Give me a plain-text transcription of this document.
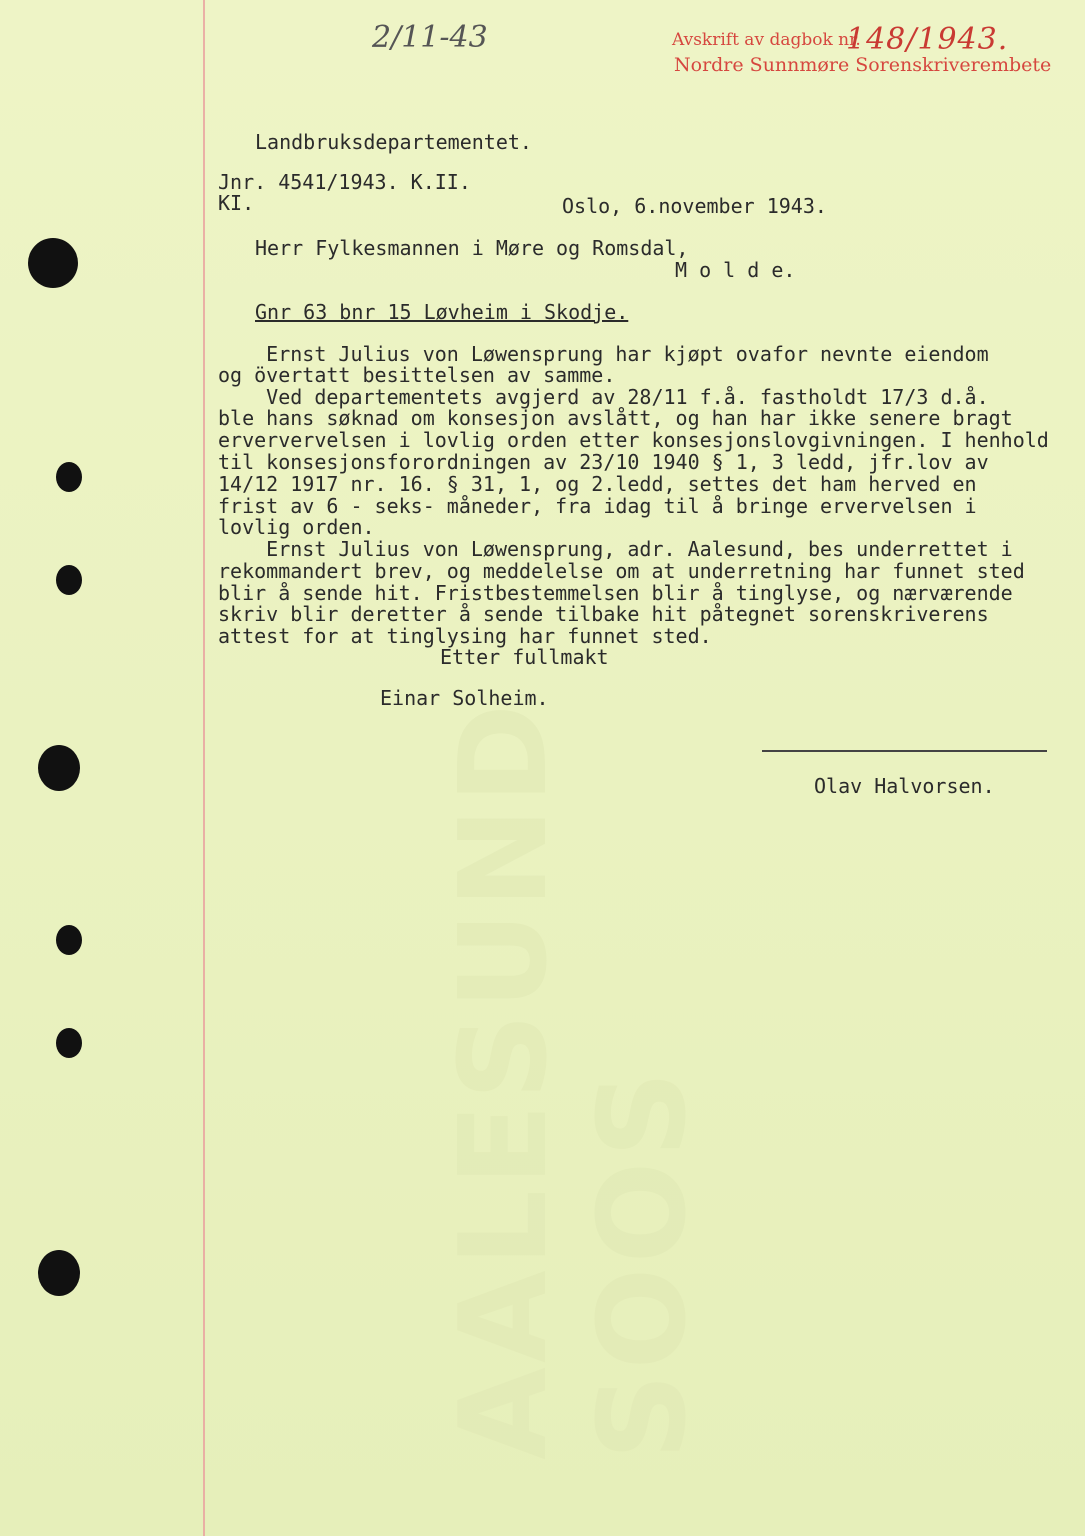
AALESUND SOOS
2/11-43	Avskrift av dagbok nr.
148/1943.
Nordre Sunnmøre Sorenskriverembete
Landbruksdepartementet.
Jnr. 4541/1943. K.II.
KI.	Oslo, 6.november 1943.
Herr Fylkesmannen i Møre og Romsdal,
M o l d e.
Gnr 63 bnr 15 Løvheim i Skodje.
Ernst Julius von Løwensprung har kjøpt ovafor nevnte eiendom
og övertatt besittelsen av samme.
Ved departementets avgjerd av 28/11 f.å. fastholdt 17/3 d.å.
ble hans søknad om konsesjon avslått, og han har ikke senere bragt
erververvelsen i lovlig orden etter konsesjonslovgivningen. I henhold
til konsesjonsforordningen av 23/10 1940 § 1, 3 ledd, jfr.lov av
14/12 1917 nr. 16. § 31, 1, og 2.ledd, settes det ham herved en
frist av 6 - seks- måneder, fra idag til å bringe ervervelsen i
lovlig orden.
Ernst Julius von Løwensprung, adr. Aalesund, bes underrettet i
rekommandert brev, og meddelelse om at underretning har funnet sted
blir å sende hit. Fristbestemmelsen blir å tinglyse, og nærværende
skriv blir deretter å sende tilbake hit påtegnet sorenskriverens
attest for at tinglysing har funnet sted.
Etter fullmakt
Einar Solheim.
Olav Halvorsen.
